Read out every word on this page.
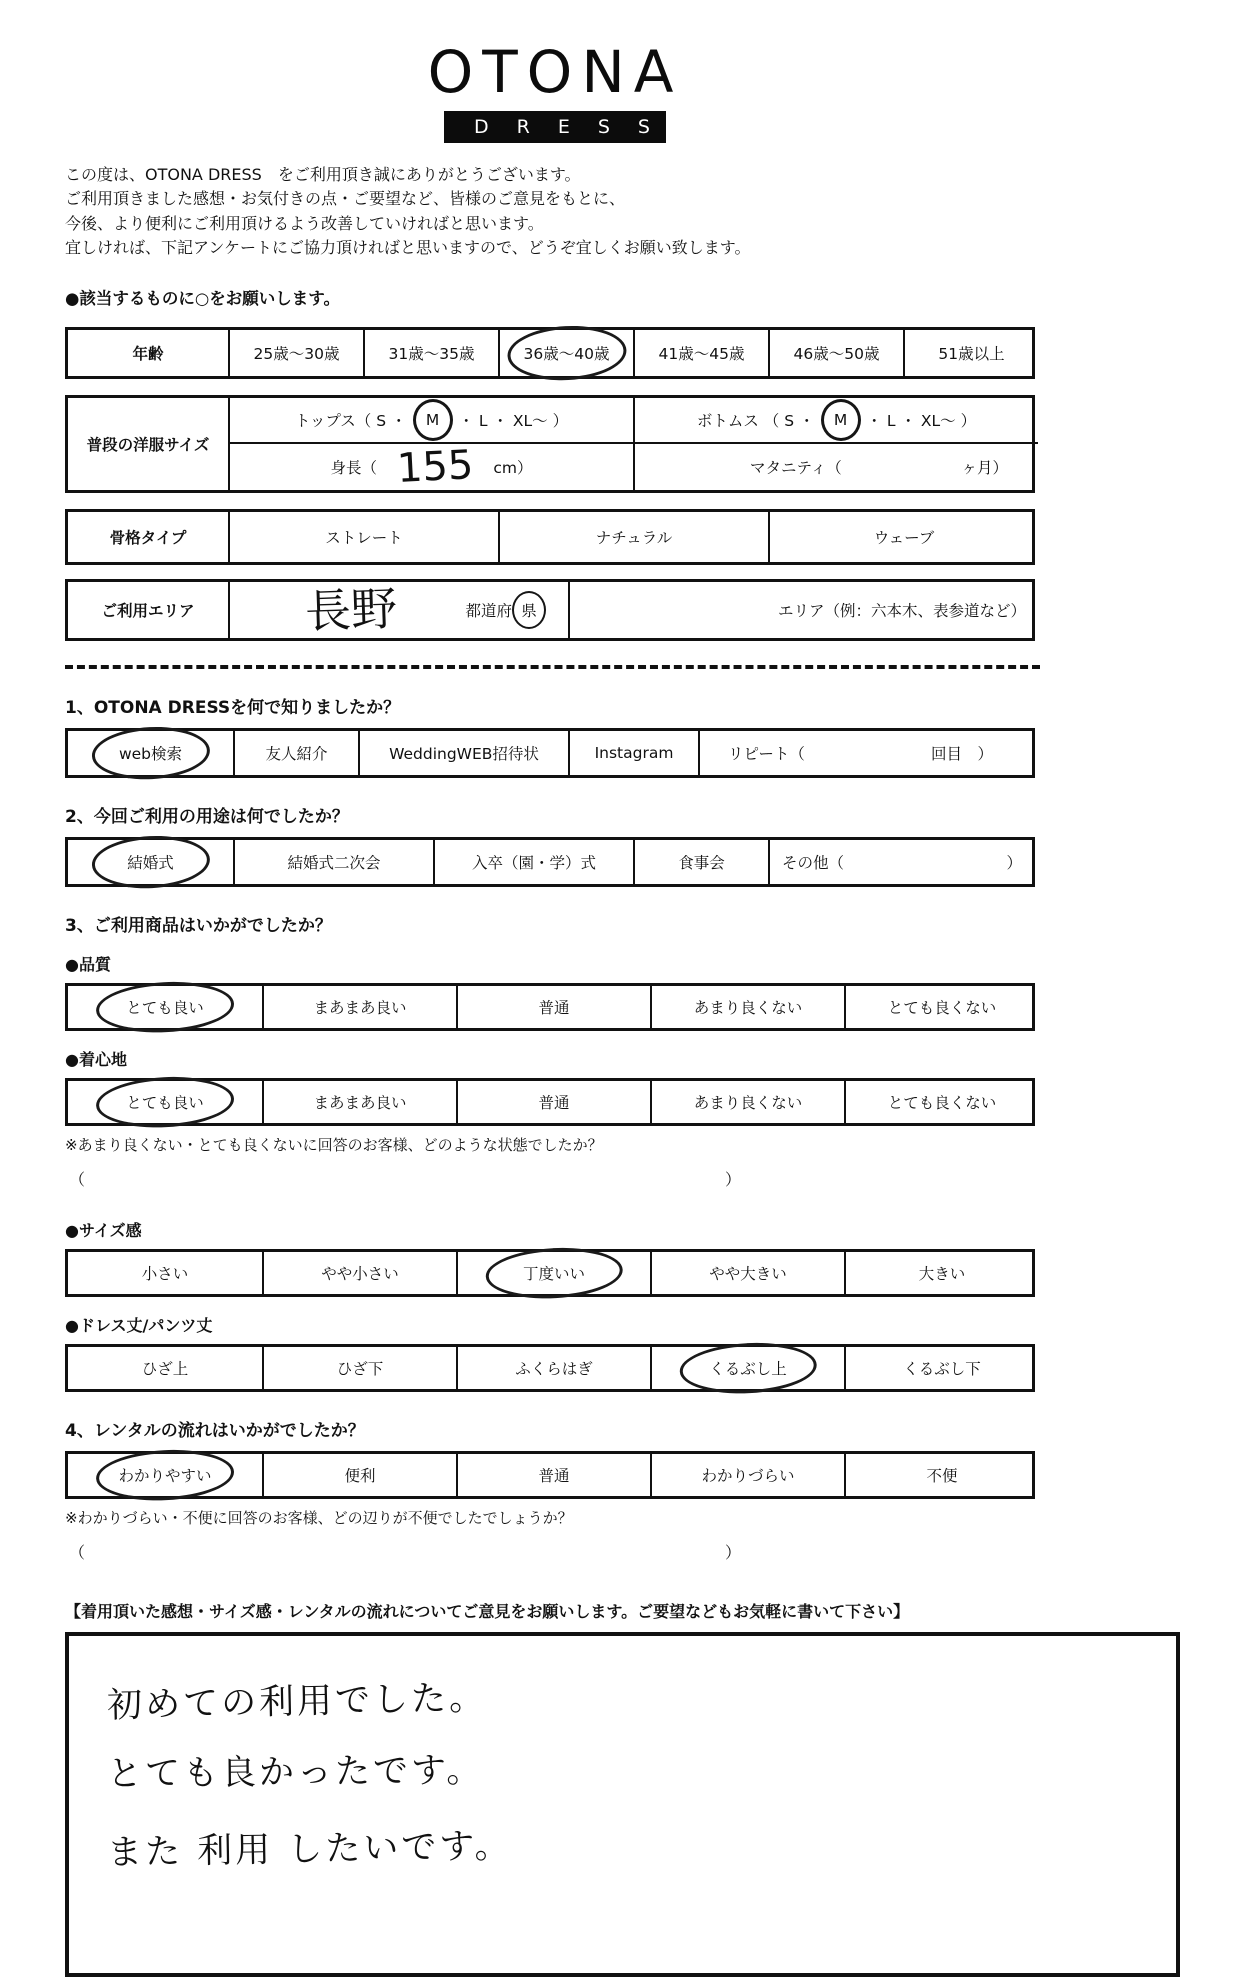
OTONA
DRESS
この度は、OTONA DRESS　をご利用頂き誠にありがとうございます。
ご利用頂きました感想・お気付きの点・ご要望など、皆様のご意見をもとに、
今後、より便利にご利用頂けるよう改善していければと思います。
宜しければ、下記アンケートにご協力頂ければと思いますので、どうぞ宜しくお願い致します。
●該当するものに○をお願いします。
年齢	25歳～30歳	31歳～35歳	36歳～40歳	41歳～45歳	46歳～50歳	51歳以上
普段の洋服サイズ
トップス（ S ・	M	・ L ・ XL～ ）	ボトムス （ S ・	M	・ L ・ XL～ ）
身長（ 155 cm）	マタニティ（	ヶ月）
骨格タイプ	ストレート	ナチュラル	ウェーブ
ご利用エリア	長野	都道府 県	エリア（例：六本木、表参道など）
1、OTONA DRESSを何で知りましたか？
web検索	友人紹介	WeddingWEB招待状	Instagram	リピート（	回目　）
2、今回ご利用の用途は何でしたか？
結婚式	結婚式二次会	入卒（園・学）式	食事会	その他（	）
3、ご利用商品はいかがでしたか？
●品質
とても良い	まあまあ良い	普通	あまり良くない	とても良くない
●着心地
とても良い	まあまあ良い	普通	あまり良くない	とても良くない
※あまり良くない・とても良くないに回答のお客様、どのような状態でしたか？
（	）
●サイズ感
小さい	やや小さい	丁度いい	やや大きい	大きい
●ドレス丈/パンツ丈
ひざ上	ひざ下	ふくらはぎ	くるぶし上	くるぶし下
4、レンタルの流れはいかがでしたか？
わかりやすい	便利	普通	わかりづらい	不便
※わかりづらい・不便に回答のお客様、どの辺りが不便でしたでしょうか？
（	）
【着用頂いた感想・サイズ感・レンタルの流れについてご意見をお願いします。ご要望などもお気軽に書いて下さい】
初めての利用でした。
とても良かったです。
また 利用 したいです。
